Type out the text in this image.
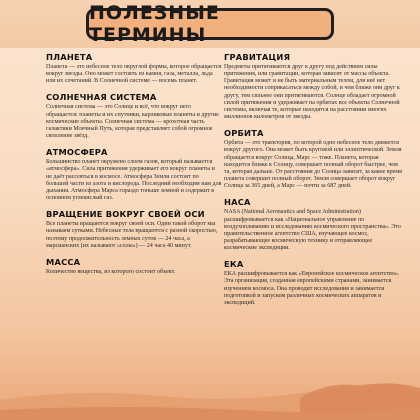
ПОЛЕЗНЫЕ ТЕРМИНЫ
ПЛАНЕТА

Планета — это небесное тело округлой формы, которое обращается вокруг звезды. Оно может состоять из камня, газа, металла, льда или их сочетаний. В Солнечной системе — восемь планет.

СОЛНЕЧНАЯ СИСТЕМА

Солнечная система — это Солнце и всё, что вокруг него обращается: планеты и их спутники, карликовые планеты и другие космические объекты. Солнечная система — крохотная часть галактики Млечный Путь, которая представляет собой огромное скопление звёзд.

АТМОСФЕРА

Большинство планет окружено слоем газов, который называется «атмосфера». Сила притяжения удерживает его вокруг планеты и не даёт рассеяться в космосе. Атмосфера Земли состоит по большей части из азота и кислорода. Последний необходим нам для дыхания. Атмосфера Марса гораздо тоньше земной и содержит в основном углекислый газ.

ВРАЩЕНИЕ ВОКРУГ СВОЕЙ ОСИ

Все планеты вращаются вокруг своей оси. Один такой оборот мы называем сутками. Небесные тела вращаются с разной скоростью, поэтому продолжительность земных суток — 24 часа, а марсианских (их называют «солы») — 24 часа 40 минут.

МАССА

Количество вещества, из которого состоит объект.

ГРАВИТАЦИЯ

Предметы притягиваются друг к другу под действием силы притяжения, или гравитации, которая зависит от массы объекта. Гравитация может и не быть материальным телом, для неё нет необходимости соприкасаться между собой, и чем ближе они друг к другу, тем сильнее они притягиваются. Солнце обладает огромной силой притяжения и удерживает на орбитах все объекты Солнечной системы, включая те, которые находятся на расстоянии многих миллионов километров от звезды.

ОРБИТА

Орбита — это траектория, по которой одно небесное тело движется вокруг другого. Она может быть круговой или эллиптической. Земля обращается вокруг Солнца, Марс — тоже. Планета, которая находится ближе к Солнцу, совершает полный оборот быстрее, чем та, которая дальше. От расстояния до Солнца зависит, за какое время планета совершит полный оборот. Земля совершает оборот вокруг Солнца за 365 дней, а Марс — почти за 687 дней.

НАСА

NASA (National Aeronautics and Space Administration) расшифровывается как «Национальное управление по воздухоплаванию и исследованию космического пространства». Это правительственное агентство США, изучающее космос, разрабатывающее космическую технику и отправляющее космические экспедиции.

ЕКА

ЕКА расшифровывается как «Европейское космическое агентство». Эта организация, созданная европейскими странами, занимается изучением космоса. Она проводит исследования и занимается подготовкой и запуском различных космических аппаратов и экспедиций.
